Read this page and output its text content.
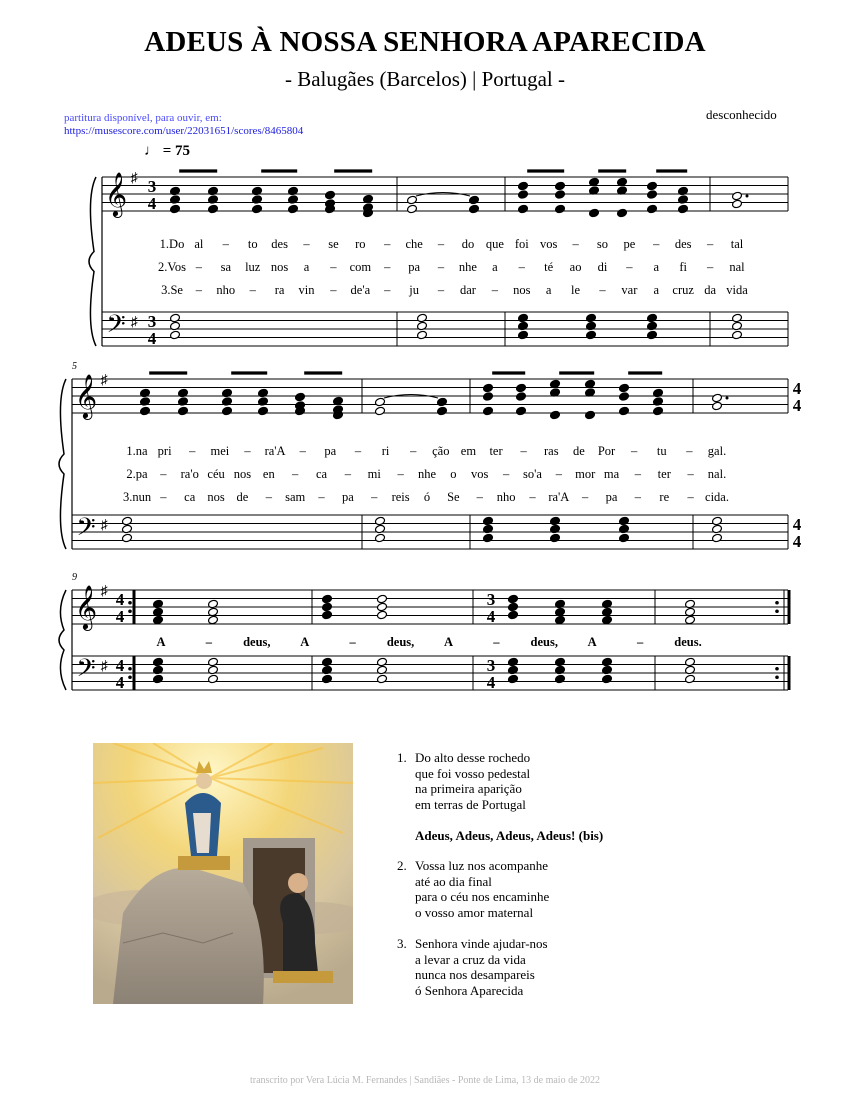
ADEUS À NOSSA SENHORA APARECIDA
- Balugães (Barcelos) | Portugal -
partitura disponível, para ouvir, em:
https://musescore.com/user/22031651/scores/8465804
desconhecido
♩ = 75
1.Do al – to des – se ro – che – do que foi vos – so pe – des – tal
2.Vos – sa luz nos a – com – pa – nhe a – té ao di – a fi – nal
3.Se – nho – ra vin – de'a – ju – dar – nos a le – var a cruz da vida
1.na pri – mei – ra'A – pa – ri – ção em ter – ras de Por – tu – gal.
2.pa – ra'o céu nos en – ca – mi – nhe o vos – so'a – mor ma – ter – nal.
3.nun – ca nos de – sam – pa – reis ó Se – nho – ra'A – pa – re – cida.
A	– deus, A	– deus, A	– deus, A	– deus.
𝄞
𝄢
♯
♯
𝄞
𝄢
♯
♯
5
𝄞
𝄢
♯
♯
9
3
4
3
4
4
4
4
4
4
4
4
4
3
4
3
4
1. Do alto desse rochedo
que foi vosso pedestal
na primeira aparição
em terras de Portugal
Adeus, Adeus, Adeus, Adeus! (bis)
2. Vossa luz nos acompanhe
até ao dia final
para o céu nos encaminhe
o vosso amor maternal
3. Senhora vinde ajudar-nos
a levar a cruz da vida
nunca nos desampareis
ó Senhora Aparecida
transcrito por Vera Lúcia M. Fernandes | Sandiães - Ponte de Lima, 13 de maio de 2022
